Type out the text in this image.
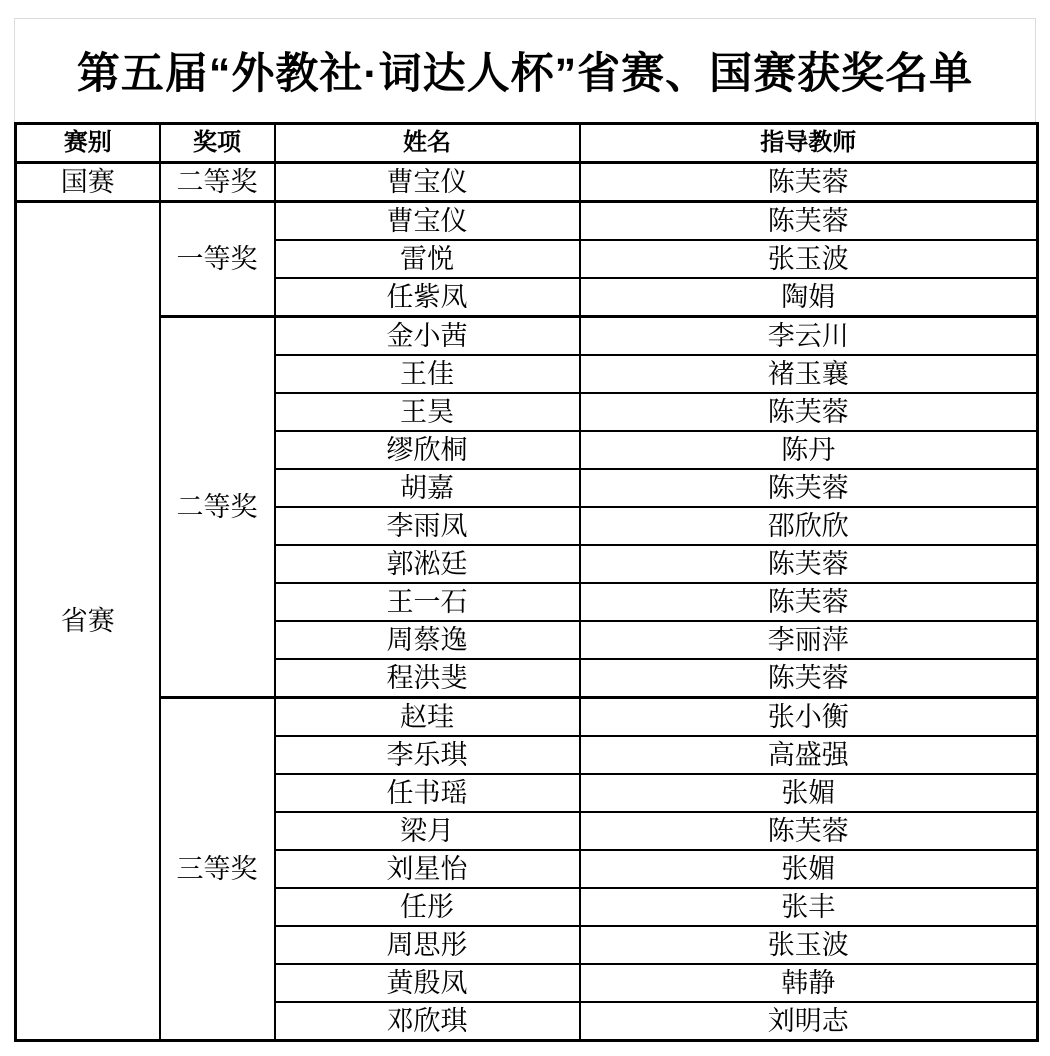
第五届“外教社·词达人杯”省赛、国赛获奖名单
赛别	奖项	姓名	指导教师
国赛	二等奖	曹宝仪	陈芙蓉
省赛	一等奖	曹宝仪	陈芙蓉
		雷悦	张玉波
		任紫凤	陶娟
	二等奖	金小茜	李云川
		王佳	褚玉襄
		王昊	陈芙蓉
		缪欣桐	陈丹
		胡嘉	陈芙蓉
		李雨凤	邵欣欣
		郭淞廷	陈芙蓉
		王一石	陈芙蓉
		周蔡逸	李丽萍
		程洪斐	陈芙蓉
	三等奖	赵珪	张小衡
		李乐琪	高盛强
		任书瑶	张媚
		梁月	陈芙蓉
		刘星怡	张媚
		任彤	张丰
		周思彤	张玉波
		黄殷凤	韩静
		邓欣琪	刘明志
